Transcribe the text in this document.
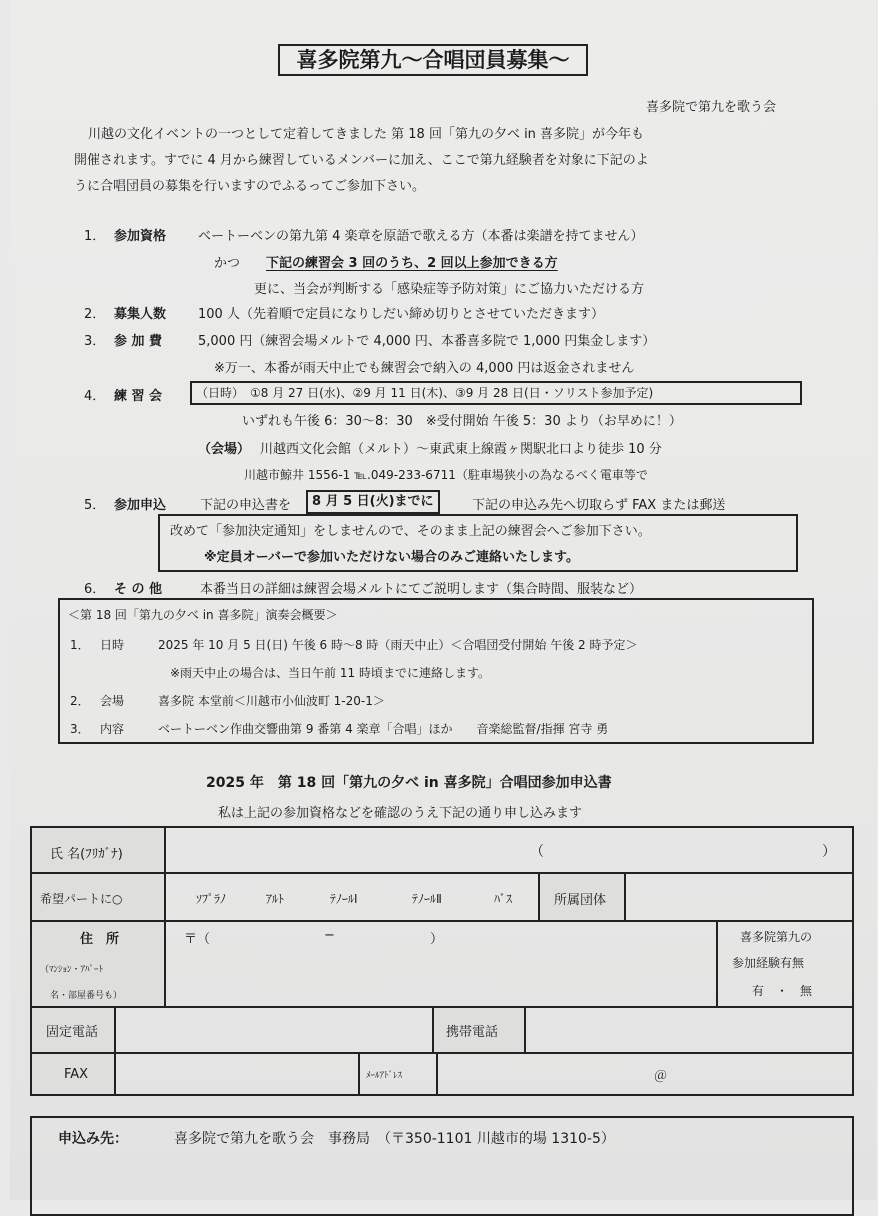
喜多院第九〜合唱団員募集〜
喜多院で第九を歌う会
川越の文化イベントの一つとして定着してきました 第 18 回「第九の夕べ in 喜多院」が今年も
開催されます。すでに 4 月から練習しているメンバーに加え、ここで第九経験者を対象に下記のよ
うに合唱団員の募集を行いますのでふるってご参加下さい。
1． 参加資格 ベートーベンの第九第 4 楽章を原語で歌える方（本番は楽譜を持てません）
かつ 下記の練習会 3 回のうち、2 回以上参加できる方
更に、当会が判断する「感染症等予防対策」にご協力いただける方
2． 募集人数 100 人（先着順で定員になりしだい締め切りとさせていただきます）
3． 参 加 費	5,000 円（練習会場メルトで 4,000 円、本番喜多院で 1,000 円集金します）
※万一、本番が雨天中止でも練習会で納入の 4,000 円は返金されません
4． 練 習 会	（日時）　①8 月 27 日(水)、②9 月 11 日(木)、③9 月 28 日(日・ソリスト参加予定)
いずれも午後 6：30〜8：30　※受付開始 午後 5：30 より（お早めに！）
（会場） 川越西文化会館（メルト）〜東武東上線霞ヶ関駅北口より徒歩 10 分
川越市鯨井 1556-1 ℡.049-233-6711（駐車場狭小の為なるべく電車等で
5． 参加申込	下記の申込書を	8 月 5 日(火)までに	下記の申込み先へ切取らず FAX または郵送
改めて「参加決定通知」をしませんので、そのまま上記の練習会へご参加下さい。
※定員オーバーで参加いただけない場合のみご連絡いたします。
6． そ の 他	本番当日の詳細は練習会場メルトにてご説明します（集合時間、服装など）
＜第 18 回「第九の夕べ in 喜多院」演奏会概要＞
1． 日時	2025 年 10 月 5 日(日) 午後 6 時〜8 時（雨天中止）＜合唱団受付開始 午後 2 時予定＞
※雨天中止の場合は、当日午前 11 時頃までに連絡します。
2． 会場	喜多院 本堂前＜川越市小仙波町 1-20-1＞
3． 内容	ベートーベン作曲交響曲第 9 番第 4 楽章「合唱」ほか　　音楽総監督/指揮 宮寺 勇
2025 年　第 18 回「第九の夕べ in 喜多院」合唱団参加申込書
私は上記の参加資格などを確認のうえ下記の通り申し込みます
氏 名(ﾌﾘｶﾞﾅ)	（	）
希望パートに○	ｿﾌﾟﾗﾉ	ｱﾙﾄ	ﾃﾉｰﾙⅠ	ﾃﾉｰﾙⅡ	ﾊﾞｽ	所属団体
住　所
（ﾏﾝｼｮﾝ・ｱﾊﾟｰﾄ
名・部屋番号も）
〒（	−	）	喜多院第九の
参加経験有無
有　・　無
固定電話	携帯電話
FAX	ﾒｰﾙｱﾄﾞﾚｽ	＠
申込み先：	喜多院で第九を歌う会　事務局　（〒350-1101 川越市的場 1310-5）
